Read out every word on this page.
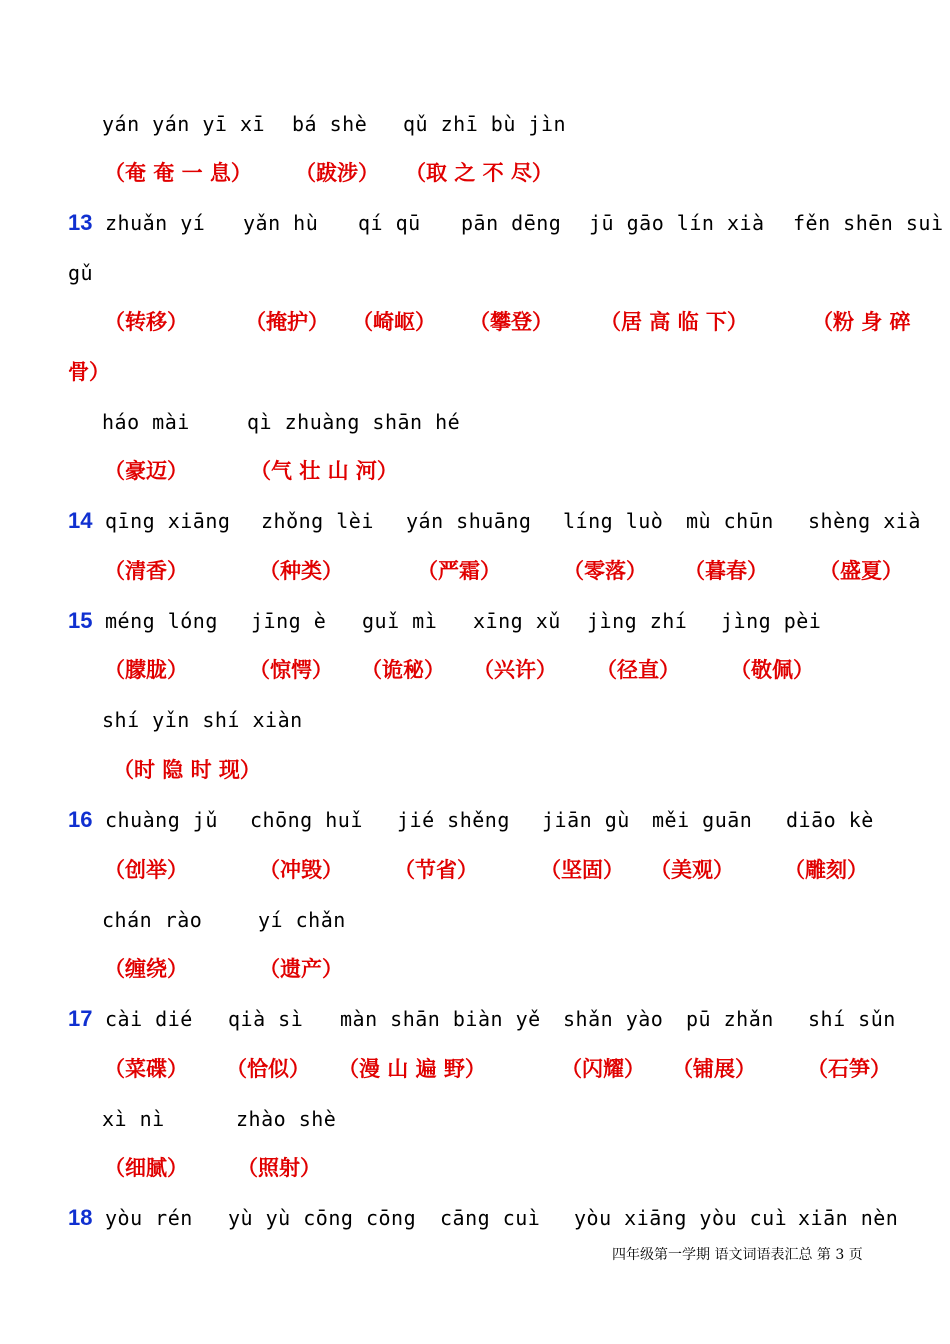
yán yán yī xī bá shè qǔ zhī bù jìn
（奄 奄 一 息） （跋涉） （取 之 不 尽）
13 zhuǎn yí yǎn hù qí qū pān dēng jū gāo lín xià fěn shēn suì
gǔ
（转移）	（掩护） （崎岖） （攀登） （居 高 临 下）	（粉 身 碎
骨）
háo mài	qì zhuàng shān hé
（豪迈）	（气 壮 山 河）
14 qīng xiāng zhǒng lèi yán shuāng líng luò mù chūn shèng xià
（清香）	（种类）	（严霜）	（零落） （暮春） （盛夏）
15 méng lóng jīng è guǐ mì xīng xǔ jìng zhí jìng pèi
（朦胧）	（惊愕） （诡秘） （兴许） （径直） （敬佩）
shí yǐn shí xiàn
（时 隐 时 现）
16 chuàng jǔ chōng huǐ jié shěng jiān gù měi guān diāo kè
（创举）	（冲毁） （节省）	（坚固） （美观） （雕刻）
chán rào	yí chǎn
（缠绕）	（遗产）
17 cài dié qià sì màn shān biàn yě shǎn yào pū zhǎn shí sǔn
（菜碟） （恰似） （漫 山 遍 野）	（闪耀） （铺展） （石笋）
xì nì	zhào shè
（细腻） （照射）
18 yòu rén yù yù cōng cōng cāng cuì yòu xiāng yòu cuì xiān nèn
四年级第一学期 语文词语表汇总 第 3 页
